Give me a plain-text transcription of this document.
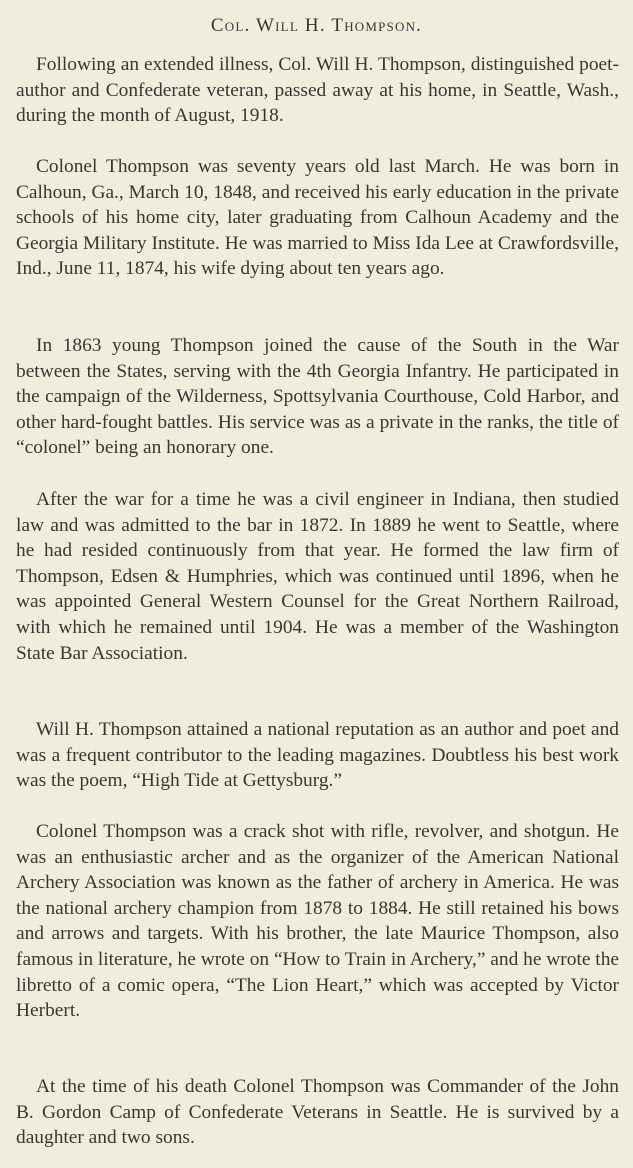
Col. Will H. Thompson.

Following an extended illness, Col. Will H. Thompson, distinguished poet-author and Confederate veteran, passed away at his home, in Seattle, Wash., during the month of August, 1918.

Colonel Thompson was seventy years old last March. He was born in Calhoun, Ga., March 10, 1848, and received his early education in the private schools of his home city, later graduating from Calhoun Academy and the Georgia Military Institute. He was married to Miss Ida Lee at Crawfordsville, Ind., June 11, 1874, his wife dying about ten years ago.

In 1863 young Thompson joined the cause of the South in the War between the States, serving with the 4th Georgia Infantry. He participated in the campaign of the Wilderness, Spottsylvania Courthouse, Cold Harbor, and other hard-fought battles. His service was as a private in the ranks, the title of “colonel” being an honorary one.

After the war for a time he was a civil engineer in Indiana, then studied law and was admitted to the bar in 1872. In 1889 he went to Seattle, where he had resided continuously from that year. He formed the law firm of Thompson, Edsen & Humphries, which was continued until 1896, when he was appointed General Western Counsel for the Great Northern Railroad, with which he remained until 1904. He was a member of the Washington State Bar Association.

Will H. Thompson attained a national reputation as an author and poet and was a frequent contributor to the leading magazines. Doubtless his best work was the poem, “High Tide at Gettysburg.”

Colonel Thompson was a crack shot with rifle, revolver, and shotgun. He was an enthusiastic archer and as the organizer of the American National Archery Association was known as the father of archery in America. He was the national archery champion from 1878 to 1884. He still retained his bows and arrows and targets. With his brother, the late Maurice Thompson, also famous in literature, he wrote on “How to Train in Archery,” and he wrote the libretto of a comic opera, “The Lion Heart,” which was accepted by Victor Herbert.

At the time of his death Colonel Thompson was Commander of the John B. Gordon Camp of Confederate Veterans in Seattle. He is survived by a daughter and two sons.
